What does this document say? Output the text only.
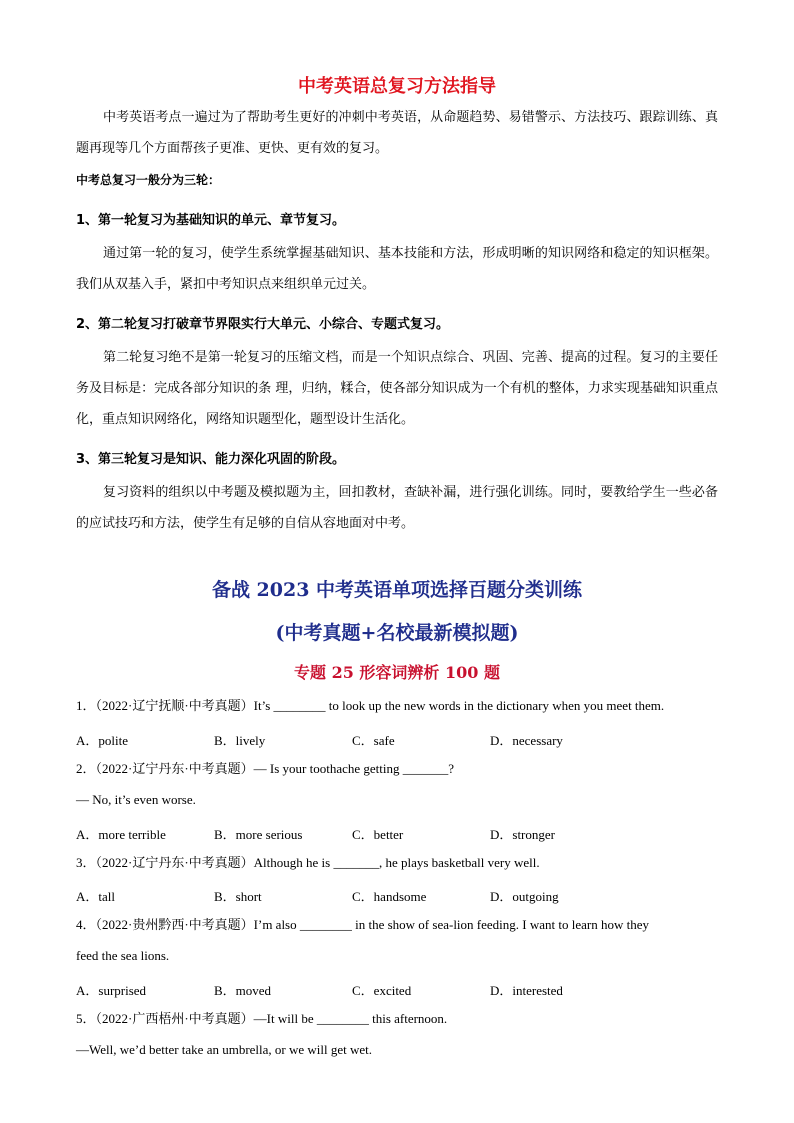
中考英语总复习方法指导
中考英语考点一遍过为了帮助考生更好的冲刺中考英语，从命题趋势、易错警示、方法技巧、跟踪训练、真题再现等几个方面帮孩子更准、更快、更有效的复习。
中考总复习一般分为三轮：
1、第一轮复习为基础知识的单元、章节复习。
通过第一轮的复习，使学生系统掌握基础知识、基本技能和方法，形成明晰的知识网络和稳定的知识框架。我们从双基入手，紧扣中考知识点来组织单元过关。
2、第二轮复习打破章节界限实行大单元、小综合、专题式复习。
第二轮复习绝不是第一轮复习的压缩文档，而是一个知识点综合、巩固、完善、提高的过程。复习的主要任务及目标是：完成各部分知识的条 理，归纳，糅合，使各部分知识成为一个有机的整体，力求实现基础知识重点化，重点知识网络化，网络知识题型化，题型设计生活化。
3、第三轮复习是知识、能力深化巩固的阶段。
复习资料的组织以中考题及模拟题为主，回扣教材，查缺补漏，进行强化训练。同时，要教给学生一些必备的应试技巧和方法，使学生有足够的自信从容地面对中考。
备战 2023 中考英语单项选择百题分类训练
(中考真题+名校最新模拟题)
专题 25 形容词辨析 100 题
1．（2022·辽宁抚顺·中考真题）It’s ________ to look up the new words in the dictionary when you meet them.
A．polite	B．lively	C．safe	D．necessary
2．（2022·辽宁丹东·中考真题）— Is your toothache getting _______?
— No, it’s even worse.
A．more terrible	B．more serious	C．better	D．stronger
3．（2022·辽宁丹东·中考真题）Although he is _______, he plays basketball very well.
A．tall	B．short	C．handsome	D．outgoing
4．（2022·贵州黔西·中考真题）I’m also ________ in the show of sea-lion feeding. I want to learn how they
feed the sea lions.
A．surprised	B．moved	C．excited	D．interested
5．（2022·广西梧州·中考真题）—It will be ________ this afternoon.
—Well, we’d better take an umbrella, or we will get wet.
